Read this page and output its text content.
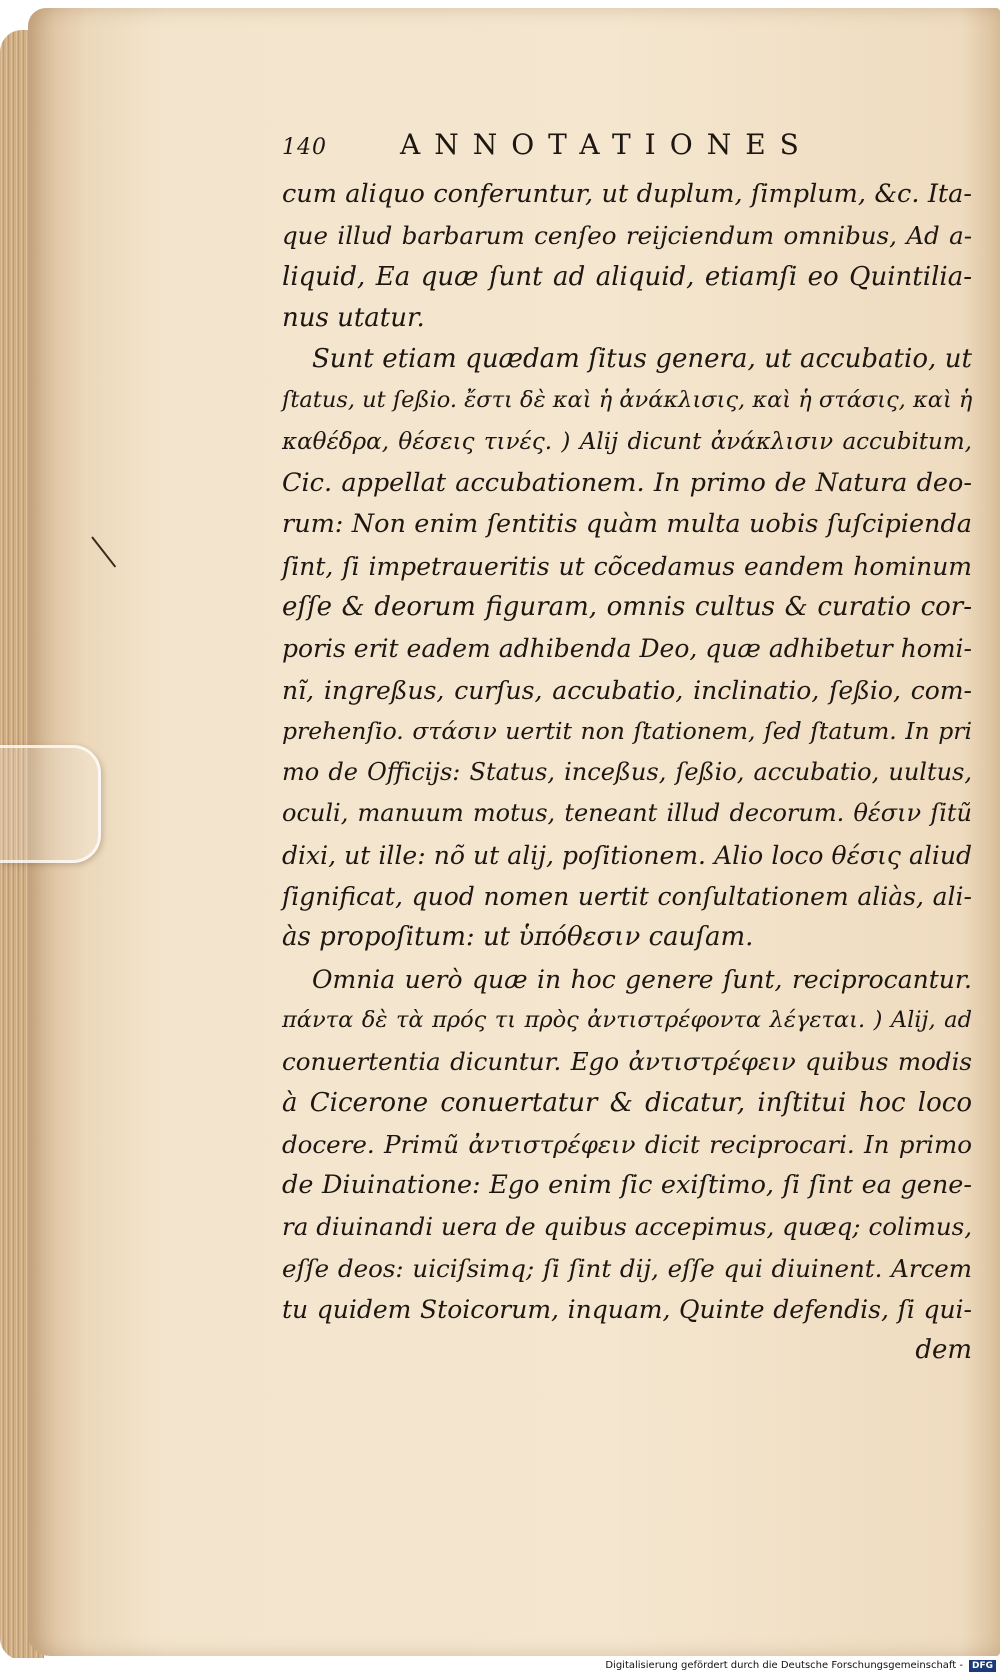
140	ANNOTATIONES
cum aliquo conferuntur, ut duplum, ſimplum, &c. Ita-
que illud barbarum cenſeo reijciendum omnibus, Ad a-
liquid, Ea quæ ſunt ad aliquid, etiamſi eo Quintilia-
nus utatur.
Sunt etiam quædam ſitus genera, ut accubatio, ut
ſtatus, ut ſeßio. ἔστι δὲ καὶ ἡ ἀνάκλισις, καὶ ἡ στάσις, καὶ ἡ
καθέδρα, θέσεις τινές. ) Alij dicunt ἀνάκλισιν accubitum,
Cic. appellat accubationem. In primo de Natura deo-
rum: Non enim ſentitis quàm multa uobis ſuſcipienda
ſint, ſi impetraueritis ut cõcedamus eandem hominum
eſſe & deorum figuram, omnis cultus & curatio cor-
poris erit eadem adhibenda Deo, quæ adhibetur homi-
nĩ, ingreßus, curſus, accubatio, inclinatio, ſeßio, com-
prehenſio. στάσιν uertit non ſtationem, ſed ſtatum. In pri
mo de Officijs: Status, inceßus, ſeßio, accubatio, uultus,
oculi, manuum motus, teneant illud decorum. θέσιν ſitũ
dixi, ut ille: nõ ut alij, poſitionem. Alio loco θέσις aliud
ſignificat, quod nomen uertit conſultationem aliàs, ali-
às propoſitum: ut ὑπόθεσιν cauſam.
Omnia uerò quæ in hoc genere ſunt, reciprocantur.
πάντα δὲ τὰ πρός τι πρὸς ἀντιστρέφοντα λέγεται. ) Alij, ad
conuertentia dicuntur. Ego ἀντιστρέφειν quibus modis
à Cicerone conuertatur & dicatur, inſtitui hoc loco
docere. Primũ ἀντιστρέφειν dicit reciprocari. In primo
de Diuinatione: Ego enim ſic exiſtimo, ſi ſint ea gene-
ra diuinandi uera de quibus accepimus, quæq; colimus,
eſſe deos: uiciſsimq; ſi ſint dij, eſſe qui diuinent. Arcem
tu quidem Stoicorum, inquam, Quinte defendis, ſi qui-
dem
Digitalisierung gefördert durch die Deutsche Forschungsgemeinschaft -	DFG
